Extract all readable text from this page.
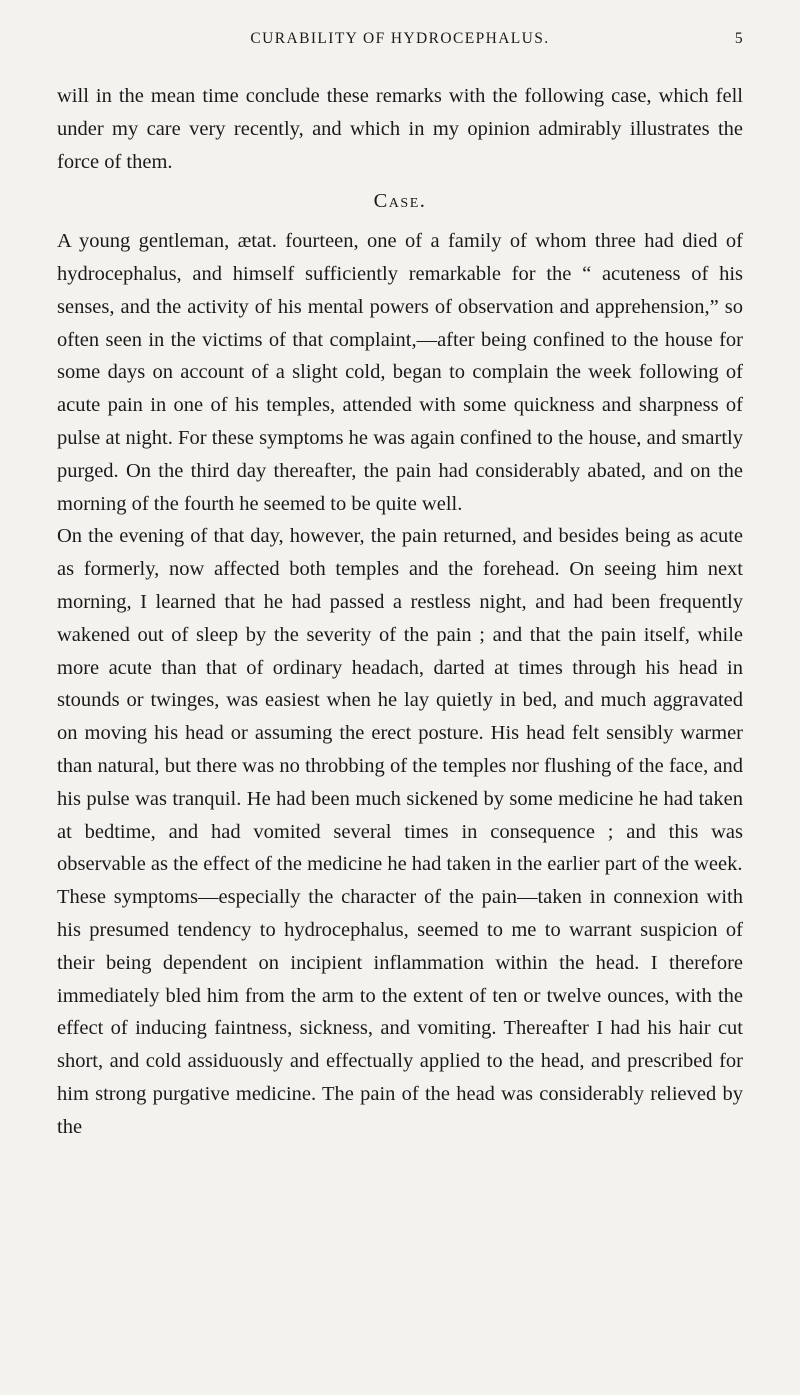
CURABILITY OF HYDROCEPHALUS.	5

will in the mean time conclude these remarks with the following case, which fell under my care very recently, and which in my opinion admirably illustrates the force of them.

Case.

A young gentleman, ætat. fourteen, one of a family of whom three had died of hydrocephalus, and himself sufficiently remarkable for the “ acuteness of his senses, and the activity of his mental powers of observation and apprehension,” so often seen in the victims of that complaint,—after being confined to the house for some days on account of a slight cold, began to complain the week following of acute pain in one of his temples, attended with some quickness and sharpness of pulse at night. For these symptoms he was again confined to the house, and smartly purged. On the third day thereafter, the pain had considerably abated, and on the morning of the fourth he seemed to be quite well.

On the evening of that day, however, the pain returned, and besides being as acute as formerly, now affected both temples and the forehead. On seeing him next morning, I learned that he had passed a restless night, and had been frequently wakened out of sleep by the severity of the pain ; and that the pain itself, while more acute than that of ordinary headach, darted at times through his head in stounds or twinges, was easiest when he lay quietly in bed, and much aggravated on moving his head or assuming the erect posture. His head felt sensibly warmer than natural, but there was no throbbing of the temples nor flushing of the face, and his pulse was tranquil. He had been much sickened by some medicine he had taken at bedtime, and had vomited several times in consequence ; and this was observable as the effect of the medicine he had taken in the earlier part of the week.

These symptoms—especially the character of the pain—taken in connexion with his presumed tendency to hydrocephalus, seemed to me to warrant suspicion of their being dependent on incipient inflammation within the head. I therefore immediately bled him from the arm to the extent of ten or twelve ounces, with the effect of inducing faintness, sickness, and vomiting. Thereafter I had his hair cut short, and cold assiduously and effectually applied to the head, and prescribed for him strong purgative medicine. The pain of the head was considerably relieved by the
